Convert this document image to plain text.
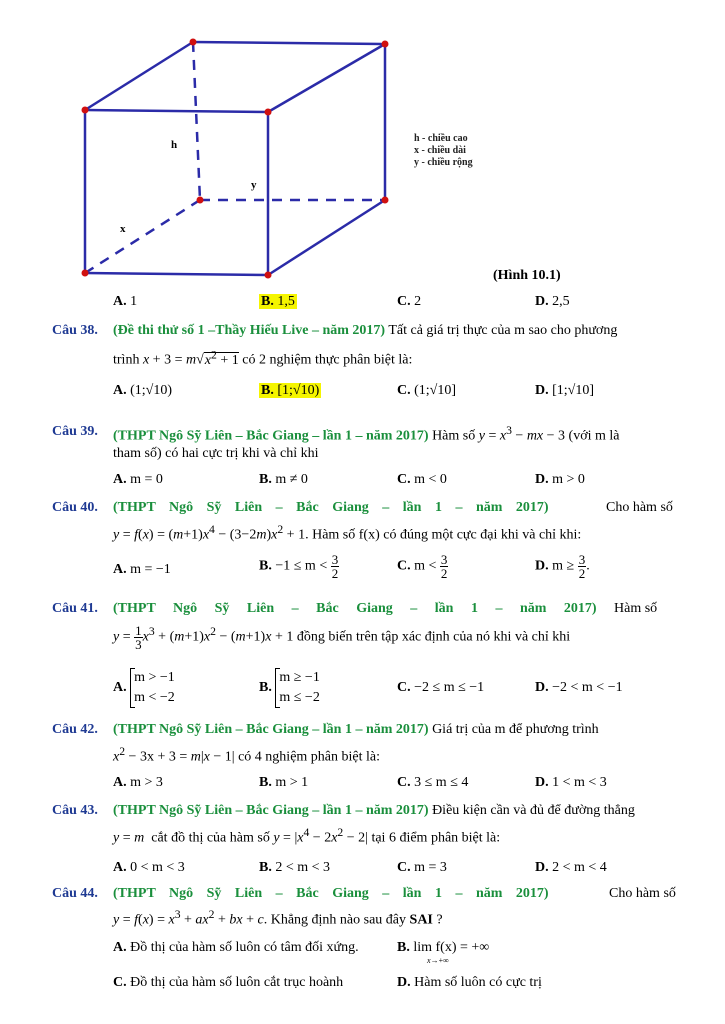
h
y
x
h - chiều cao
x - chiều dài
y - chiều rộng
(Hình 10.1)
A. 1	B. 1,5	C. 2	D. 2,5
Câu 38. (Đề thi thử số 1 –Thầy Hiếu Live – năm 2017) Tất cả giá trị thực của m sao cho phương
trình $x + 3 = m√x^2 + 1$ có 2 nghiệm thực phân biệt là:
A. (1;√10)	B. [1;√10)	C. (1;√10]	D. [1;√10]
Câu 39. (THPT Ngô Sỹ Liên – Bắc Giang – lần 1 – năm 2017) Hàm số $y = x^3$ − mx − 3 (với m là
tham số) có hai cực trị khi và chỉ khi
A. m = 0	B. m ≠ 0	C. m < 0	D. m > 0
Câu 40. (THPT Ngô Sỹ Liên – Bắc Giang – lần 1 – năm 2017)	Cho hàm số
$y = f(x) = (m+1)x^4 - (3-2m)x^2 + 1$. Hàm số f(x) có đúng một cực đại khi và chỉ khi:
A. m = −1	B. $-1 \le m < \frac{3}{2}$	C. $m < \frac{3}{2}$	D. $m \ge \frac{3}{2}$ .
Câu 41. (THPT Ngô Sỹ Liên – Bắc Giang – lần 1 – năm 2017) Hàm số
$y = \frac{1}{3} x^3 + (m+1)x^2 - (m+1)x + 1$ đồng biến trên tập xác định của nó khi và chỉ khi
A.
m > −1
m < −2
B.
m ≥ −1
m ≤ −2
C. −2 ≤ m ≤ −1	D. −2 < m < −1
Câu 42. (THPT Ngô Sỹ Liên – Bắc Giang – lần 1 – năm 2017) Giá trị của m để phương trình
$x^2 - 3x + 3 = m|x - 1|$ có 4 nghiệm phân biệt là:
A. m > 3	B. m > 1	C. 3 ≤ m ≤ 4	D. 1 < m < 3
Câu 43. (THPT Ngô Sỹ Liên – Bắc Giang – lần 1 – năm 2017) Điều kiện cần và đủ để đường thẳng
y = m cắt đồ thị của hàm số $y = |x^4 - 2x^2 - 2|$ tại 6 điểm phân biệt là:
A. 0 < m < 3	B. 2 < m < 3	C. m = 3	D. 2 < m < 4
Câu 44. (THPT Ngô Sỹ Liên – Bắc Giang – lần 1 – năm 2017)	Cho hàm số
$y = f(x) = x^3 + ax^2$ + bx + c. Khẳng định nào sau đây SAI ?
A. Đồ thị của hàm số luôn có tâm đối xứng.	B. lim f(x) = +∞
x→+∞
C. Đồ thị của hàm số luôn cắt trục hoành	D. Hàm số luôn có cực trị
